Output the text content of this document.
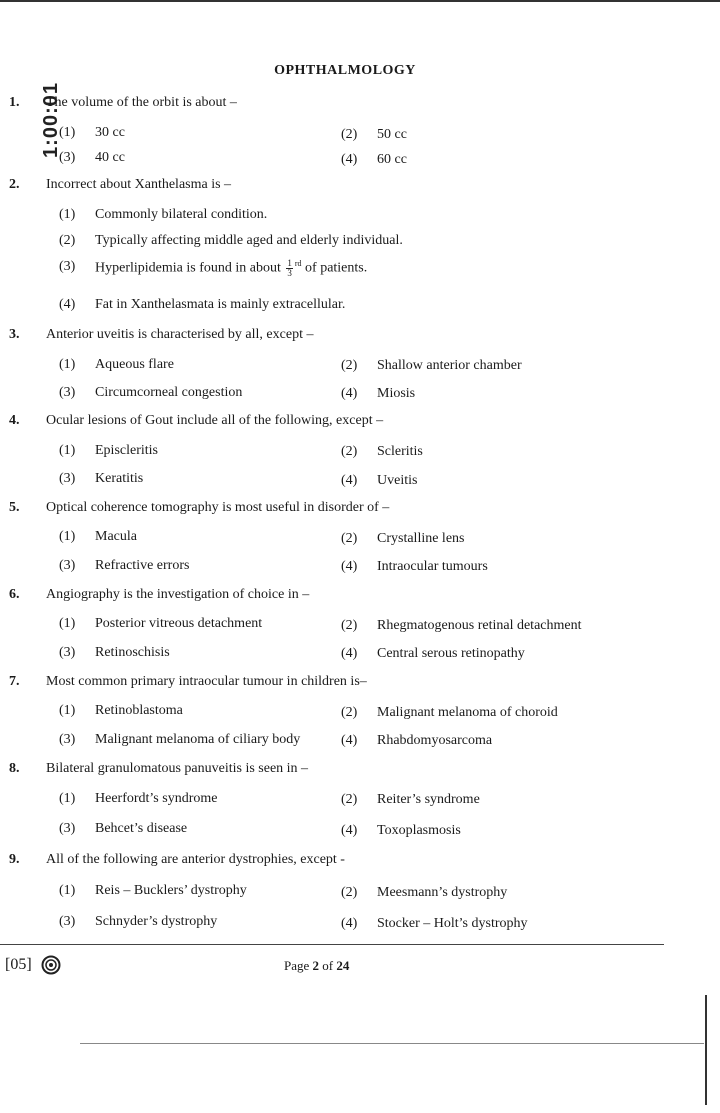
OPHTHALMOLOGY
1:00:01
1. The volume of the orbit is about –
(1) 30 cc	(2) 50 cc
(3) 40 cc	(4) 60 cc
2. Incorrect about Xanthelasma is –
(1) Commonly bilateral condition.
(2) Typically affecting middle aged and elderly individual.
(3) Hyperlipidemia is found in about $\frac{1}{3} ^{rd}$ of patients.
(4) Fat in Xanthelasmata is mainly extracellular.
3. Anterior uveitis is characterised by all, except –
(1) Aqueous flare	(2) Shallow anterior chamber
(3) Circumcorneal congestion	(4) Miosis
4. Ocular lesions of Gout include all of the following, except –
(1) Episcleritis	(2) Scleritis
(3) Keratitis	(4) Uveitis
5. Optical coherence tomography is most useful in disorder of –
(1) Macula	(2) Crystalline lens
(3) Refractive errors	(4) Intraocular tumours
6. Angiography is the investigation of choice in –
(1) Posterior vitreous detachment	(2) Rhegmatogenous retinal detachment
(3) Retinoschisis	(4) Central serous retinopathy
7. Most common primary intraocular tumour in children is–
(1) Retinoblastoma	(2) Malignant melanoma of choroid
(3) Malignant melanoma of ciliary body	(4) Rhabdomyosarcoma
8. Bilateral granulomatous panuveitis is seen in –
(1) Heerfordt’s syndrome	(2) Reiter’s syndrome
(3) Behcet’s disease	(4) Toxoplasmosis
9. All of the following are anterior dystrophies, except -
(1) Reis – Bucklers’ dystrophy	(2) Meesmann’s dystrophy
(3) Schnyder’s dystrophy	(4) Stocker – Holt’s dystrophy
[05]	Page 2 of 24
